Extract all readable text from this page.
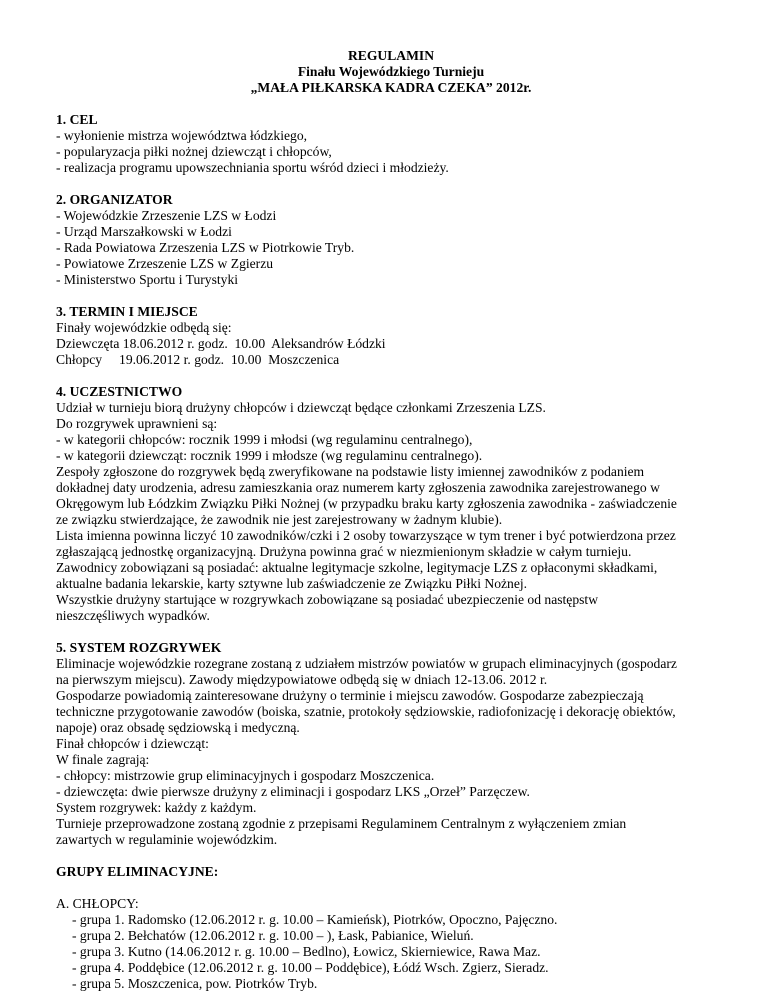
REGULAMIN
Finału Wojewódzkiego Turnieju
„MAŁA PIŁKARSKA KADRA CZEKA” 2012r.
1. CEL
- wyłonienie mistrza województwa łódzkiego,
- popularyzacja piłki nożnej dziewcząt i chłopców,
- realizacja programu upowszechniania sportu wśród dzieci i młodzieży.
2. ORGANIZATOR
- Wojewódzkie Zrzeszenie LZS w Łodzi
- Urząd Marszałkowski w Łodzi
- Rada Powiatowa Zrzeszenia LZS w Piotrkowie Tryb.
- Powiatowe Zrzeszenie LZS w Zgierzu
- Ministerstwo Sportu i Turystyki
3. TERMIN I MIEJSCE
Finały wojewódzkie odbędą się:
Dziewczęta 18.06.2012 r. godz.  10.00  Aleksandrów Łódzki
Chłopcy     19.06.2012 r. godz.  10.00  Moszczenica
4. UCZESTNICTWO
Udział w turnieju biorą drużyny chłopców i dziewcząt będące członkami Zrzeszenia LZS.
Do rozgrywek uprawnieni są:
- w kategorii chłopców: rocznik 1999 i młodsi (wg regulaminu centralnego),
- w kategorii dziewcząt: rocznik 1999 i młodsze (wg regulaminu centralnego).
Zespoły zgłoszone do rozgrywek będą zweryfikowane na podstawie listy imiennej zawodników z podaniem
dokładnej daty urodzenia, adresu zamieszkania oraz numerem karty zgłoszenia zawodnika zarejestrowanego w
Okręgowym lub Łódzkim Związku Piłki Nożnej (w przypadku braku karty zgłoszenia zawodnika - zaświadczenie
ze związku stwierdzające, że zawodnik nie jest zarejestrowany w żadnym klubie).
Lista imienna powinna liczyć 10 zawodników/czki i 2 osoby towarzyszące w tym trener i być potwierdzona przez
zgłaszającą jednostkę organizacyjną. Drużyna powinna grać w niezmienionym składzie w całym turnieju.
Zawodnicy zobowiązani są posiadać: aktualne legitymacje szkolne, legitymacje LZS z opłaconymi składkami,
aktualne badania lekarskie, karty sztywne lub zaświadczenie ze Związku Piłki Nożnej.
Wszystkie drużyny startujące w rozgrywkach zobowiązane są posiadać ubezpieczenie od następstw
nieszczęśliwych wypadków.
5. SYSTEM ROZGRYWEK
Eliminacje wojewódzkie rozegrane zostaną z udziałem mistrzów powiatów w grupach eliminacyjnych (gospodarz
na pierwszym miejscu). Zawody międzypowiatowe odbędą się w dniach 12-13.06. 2012 r.
Gospodarze powiadomią zainteresowane drużyny o terminie i miejscu zawodów. Gospodarze zabezpieczają
techniczne przygotowanie zawodów (boiska, szatnie, protokoły sędziowskie, radiofonizację i dekorację obiektów,
napoje) oraz obsadę sędziowską i medyczną.
Finał chłopców i dziewcząt:
W finale zagrają:
- chłopcy: mistrzowie grup eliminacyjnych i gospodarz Moszczenica.
- dziewczęta: dwie pierwsze drużyny z eliminacji i gospodarz LKS „Orzeł” Parzęczew.
System rozgrywek: każdy z każdym.
Turnieje przeprowadzone zostaną zgodnie z przepisami Regulaminem Centralnym z wyłączeniem zmian
zawartych w regulaminie wojewódzkim.
GRUPY ELIMINACYJNE:
A. CHŁOPCY:
- grupa 1. Radomsko (12.06.2012 r. g. 10.00 – Kamieńsk), Piotrków, Opoczno, Pajęczno.
- grupa 2. Bełchatów (12.06.2012 r. g. 10.00 – ), Łask, Pabianice, Wieluń.
- grupa 3. Kutno (14.06.2012 r. g. 10.00 – Bedlno), Łowicz, Skierniewice, Rawa Maz.
- grupa 4. Poddębice (12.06.2012 r. g. 10.00 – Poddębice), Łódź Wsch. Zgierz, Sieradz.
- grupa 5. Moszczenica, pow. Piotrków Tryb.
